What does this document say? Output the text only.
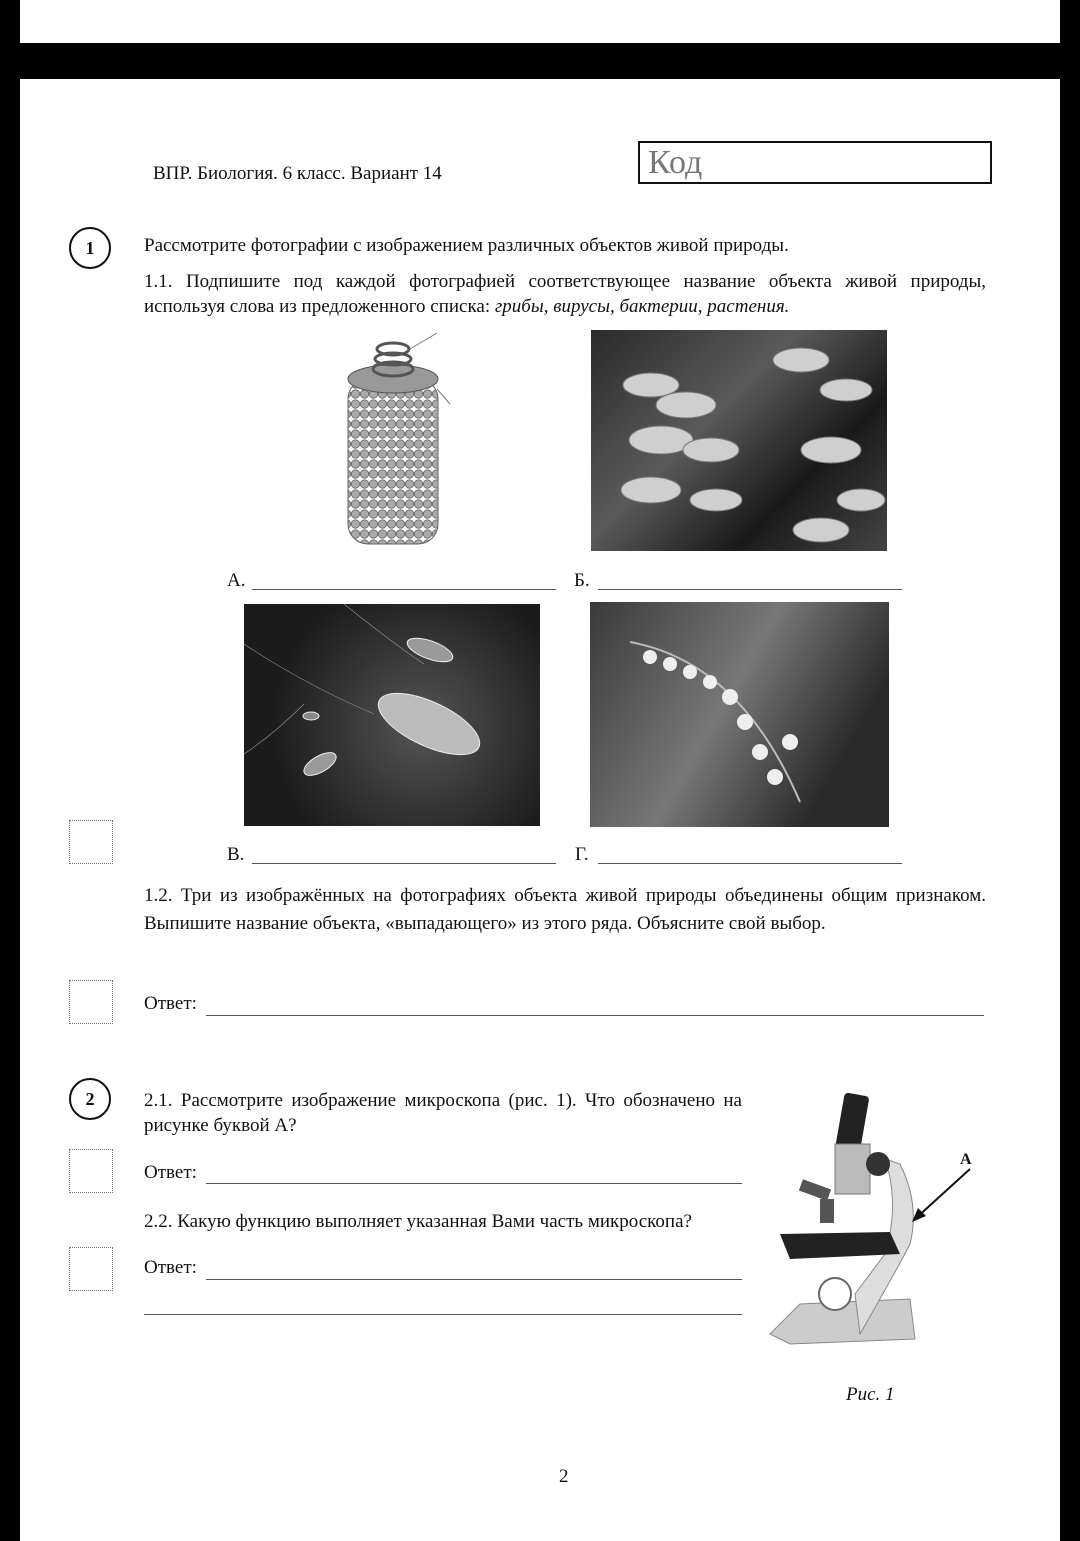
ВПР. Биология. 6 класс. Вариант 14	Код
1	Рассмотрите фотографии с изображением различных объектов живой природы.
1.1. Подпишите под каждой фотографией соответствующее название объекта живой природы, используя слова из предложенного списка: грибы, вирусы, бактерии, растения.
А.	Б.
В.	Г.
1.2. Три из изображённых на фотографиях объекта живой природы объединены общим признаком. Выпишите название объекта, «выпадающего» из этого ряда. Объясните свой выбор.
Ответ:
2	2.1. Рассмотрите изображение микроскопа (рис. 1). Что обозначено на рисунке буквой А?
Ответ:
2.2. Какую функцию выполняет указанная Вами часть микроскопа?
Ответ:
А
Рис. 1
2
